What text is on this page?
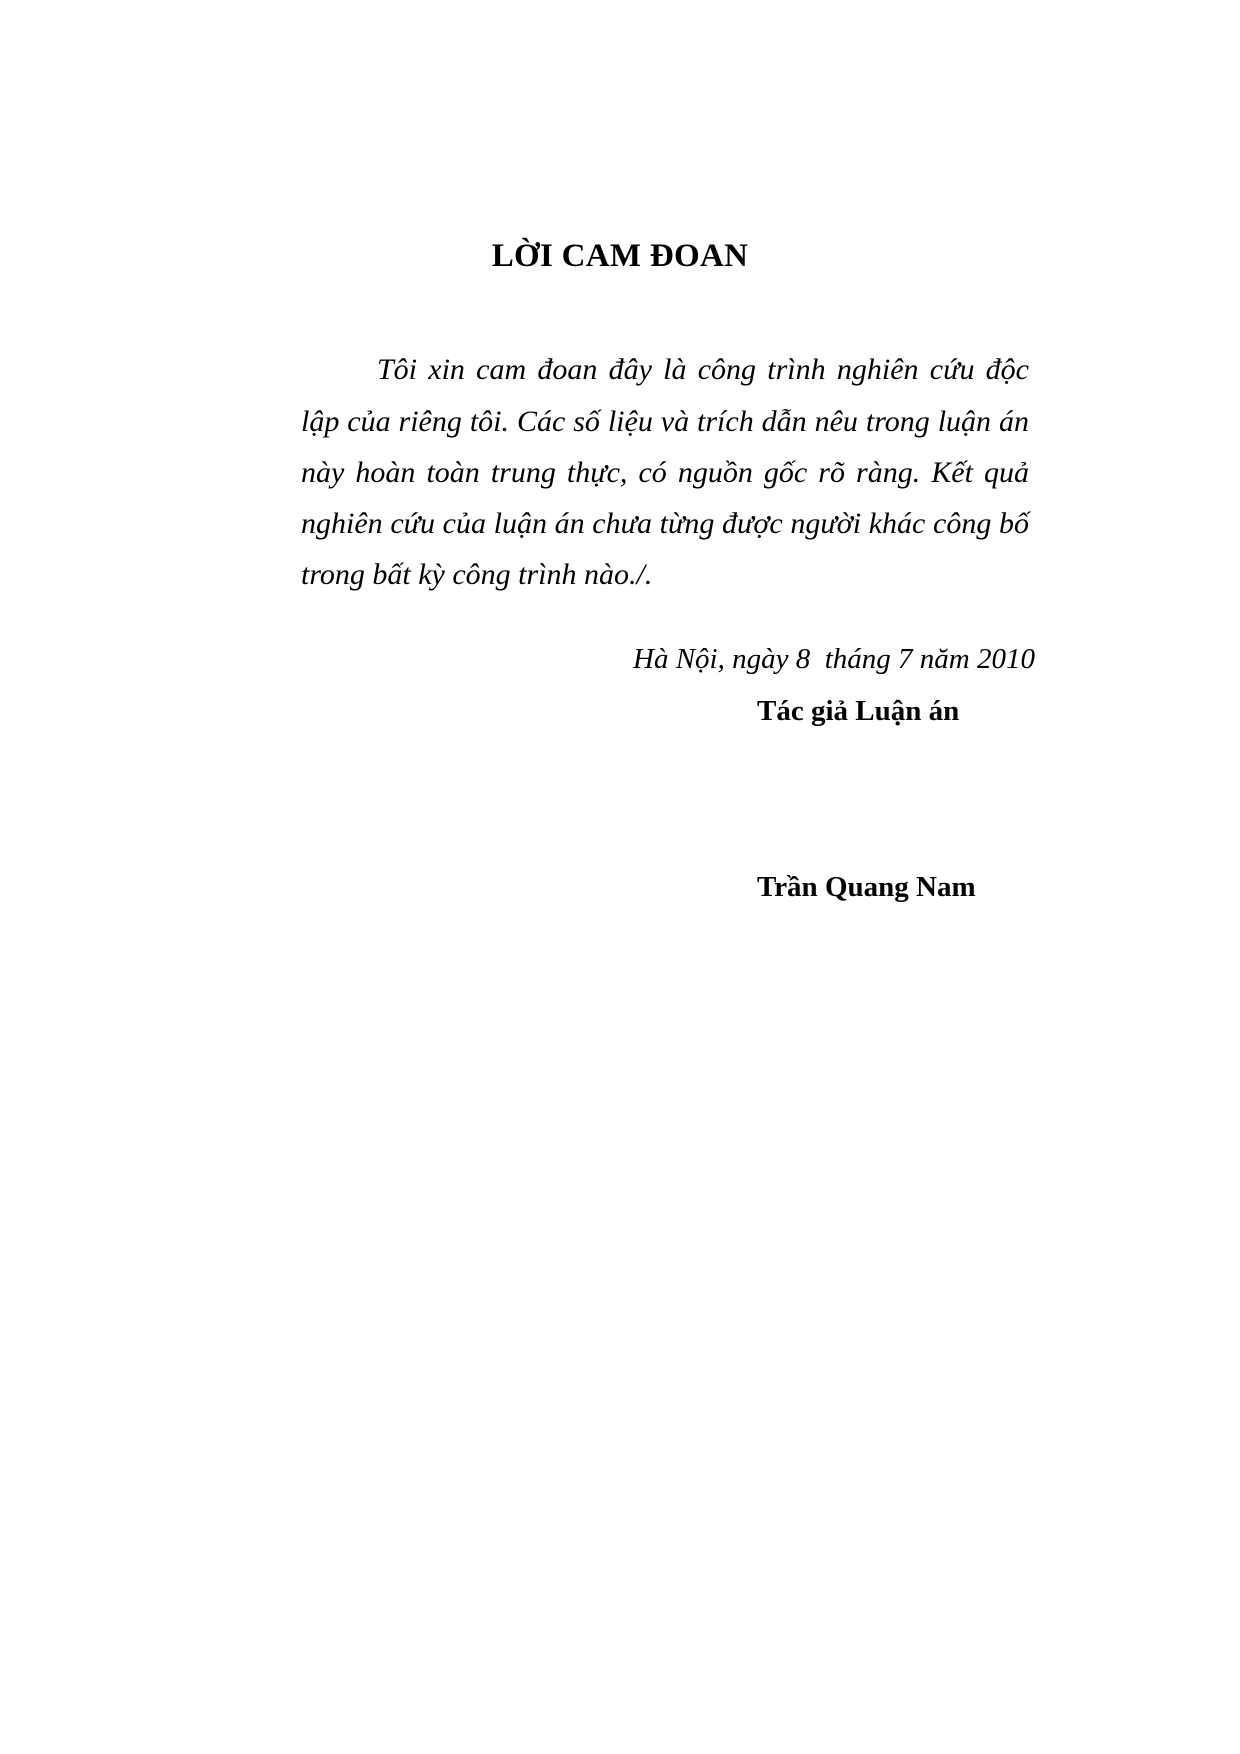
LỜI CAM ĐOAN

Tôi xin cam đoan đây là công trình nghiên cứu độc

lập của riêng tôi. Các số liệu và trích dẫn nêu trong luận án

này hoàn toàn trung thực, có nguồn gốc rõ ràng. Kết quả

nghiên cứu của luận án chưa từng được người khác công bố

trong bất kỳ công trình nào./.

Hà Nội, ngày 8  tháng 7 năm 2010

Tác giả Luận án

Trần Quang Nam
